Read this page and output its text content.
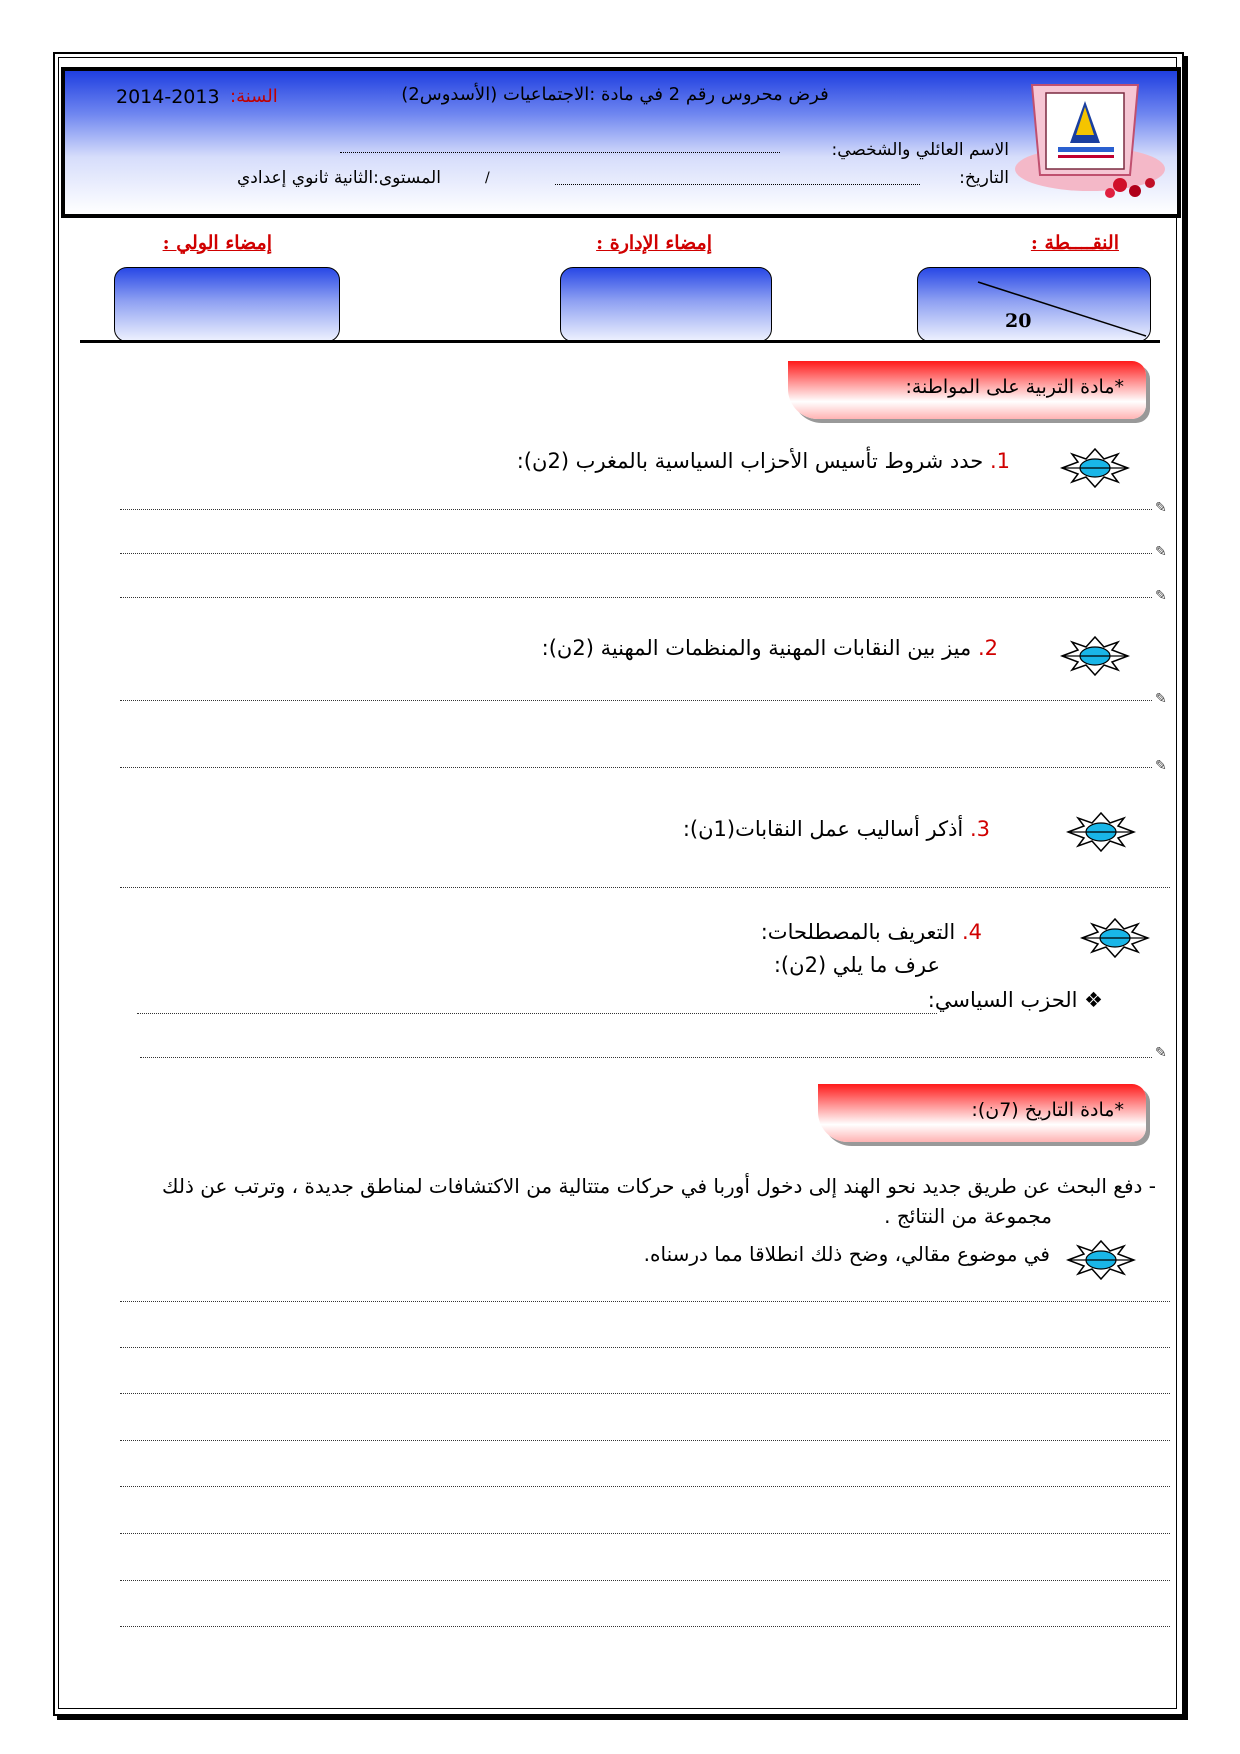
فرض محروس رقم 2 في مادة :الاجتماعيات (الأسدوس2)
السنة:
2014-2013
الاسم العائلي والشخصي:
التاريخ:
/
المستوى:الثانية ثانوي إعدادي
النقــــطة :
إمضاء الإدارة :
إمضاء الولي :
20
*مادة التربية على المواطنة:
1. حدد شروط تأسيس الأحزاب السياسية بالمغرب (2ن):
✎
✎
✎
2. ميز بين النقابات المهنية والمنظمات المهنية (2ن):
✎
✎
3. أذكر أساليب عمل النقابات(1ن):
4. التعريف بالمصطلحات:
عرف ما يلي (2ن):
❖ الحزب السياسي:
✎
*مادة التاريخ (7ن):
- دفع البحث عن طريق جديد نحو الهند إلى دخول أوربا في حركات متتالية من الاكتشافات لمناطق جديدة ، وترتب عن ذلك
مجموعة من النتائج .
في موضوع مقالي، وضح ذلك انطلاقا مما درسناه.
